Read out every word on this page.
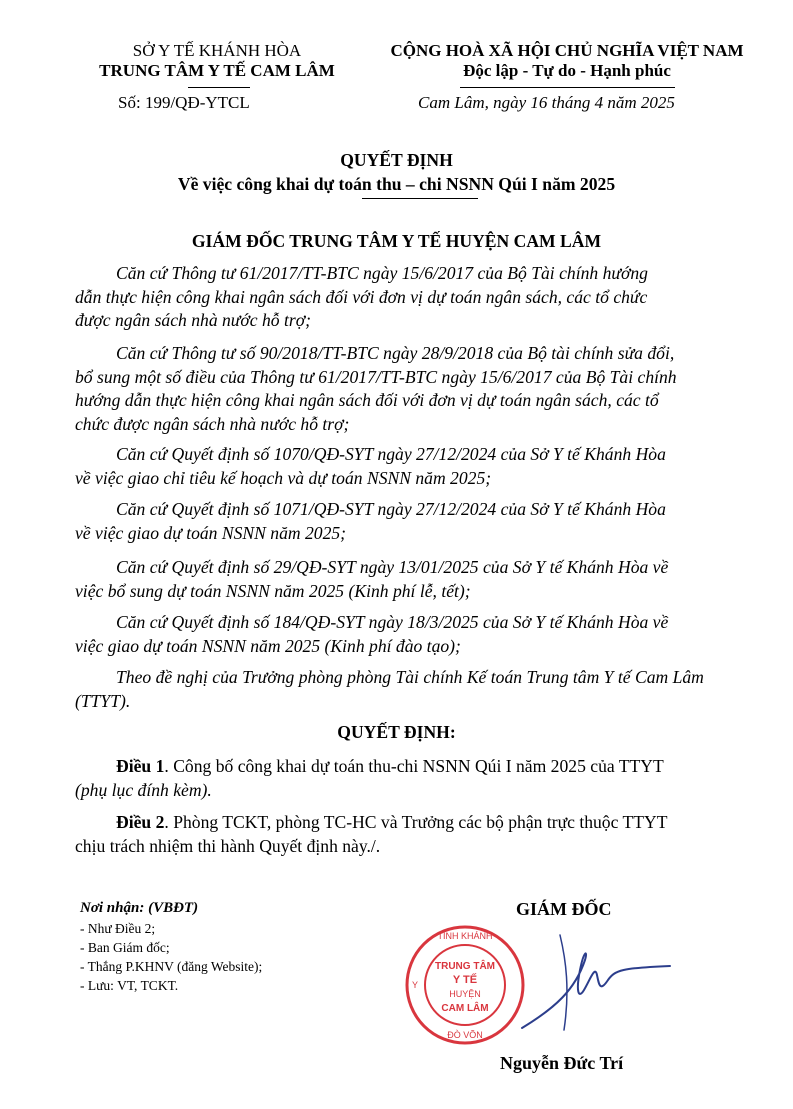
SỞ Y TẾ KHÁNH HÒA
TRUNG TÂM Y TẾ CAM LÂM
Số: 199/QĐ-YTCL
CỘNG HOÀ XÃ HỘI CHỦ NGHĨA VIỆT NAM
Độc lập - Tự do - Hạnh phúc
Cam Lâm, ngày 16 tháng 4 năm 2025
QUYẾT ĐỊNH
Về việc công khai dự toán thu – chi NSNN Qúi I năm 2025
GIÁM ĐỐC TRUNG TÂM Y TẾ HUYỆN CAM LÂM
Căn cứ Thông tư 61/2017/TT-BTC ngày 15/6/2017 của Bộ Tài chính hướng
dẫn thực hiện công khai ngân sách đối với đơn vị dự toán ngân sách, các tổ chức
được ngân sách nhà nước hỗ trợ;
Căn cứ Thông tư số 90/2018/TT-BTC ngày 28/9/2018 của Bộ tài chính sửa đổi,
bổ sung một số điều của Thông tư 61/2017/TT-BTC ngày 15/6/2017 của Bộ Tài chính
hướng dẫn thực hiện công khai ngân sách đối với đơn vị dự toán ngân sách, các tổ
chức được ngân sách nhà nước hỗ trợ;
Căn cứ Quyết định số 1070/QĐ-SYT ngày 27/12/2024 của Sở Y tế Khánh Hòa
về việc giao chỉ tiêu kế hoạch và dự toán NSNN năm 2025;
Căn cứ Quyết định số 1071/QĐ-SYT ngày 27/12/2024 của Sở Y tế Khánh Hòa
về việc giao dự toán NSNN năm 2025;
Căn cứ Quyết định số 29/QĐ-SYT ngày 13/01/2025 của Sở Y tế Khánh Hòa về
việc bổ sung dự toán NSNN năm 2025 (Kinh phí lễ, tết);
Căn cứ Quyết định số 184/QĐ-SYT ngày 18/3/2025 của Sở Y tế Khánh Hòa về
việc giao dự toán NSNN năm 2025 (Kinh phí đào tạo);
Theo đề nghị của Trưởng phòng phòng Tài chính Kế toán Trung tâm Y tế Cam Lâm
(TTYT).
QUYẾT ĐỊNH:
Điều 1. Công bố công khai dự toán thu-chi NSNN Qúi I năm 2025 của TTYT
(phụ lục đính kèm).
Điều 2. Phòng TCKT, phòng TC-HC và Trưởng các bộ phận trực thuộc TTYT
chịu trách nhiệm thi hành Quyết định này./.
Nơi nhận: (VBĐT)
- Như Điều 2;
- Ban Giám đốc;
- Thắng P.KHNV (đăng Website);
- Lưu: VT, TCKT.
GIÁM ĐỐC
TỈNH KHÁNH
Y
ĐÒ VÕN
TRUNG TÂM
Y TẾ
HUYỆN
CAM LÂM
Nguyễn Đức Trí
